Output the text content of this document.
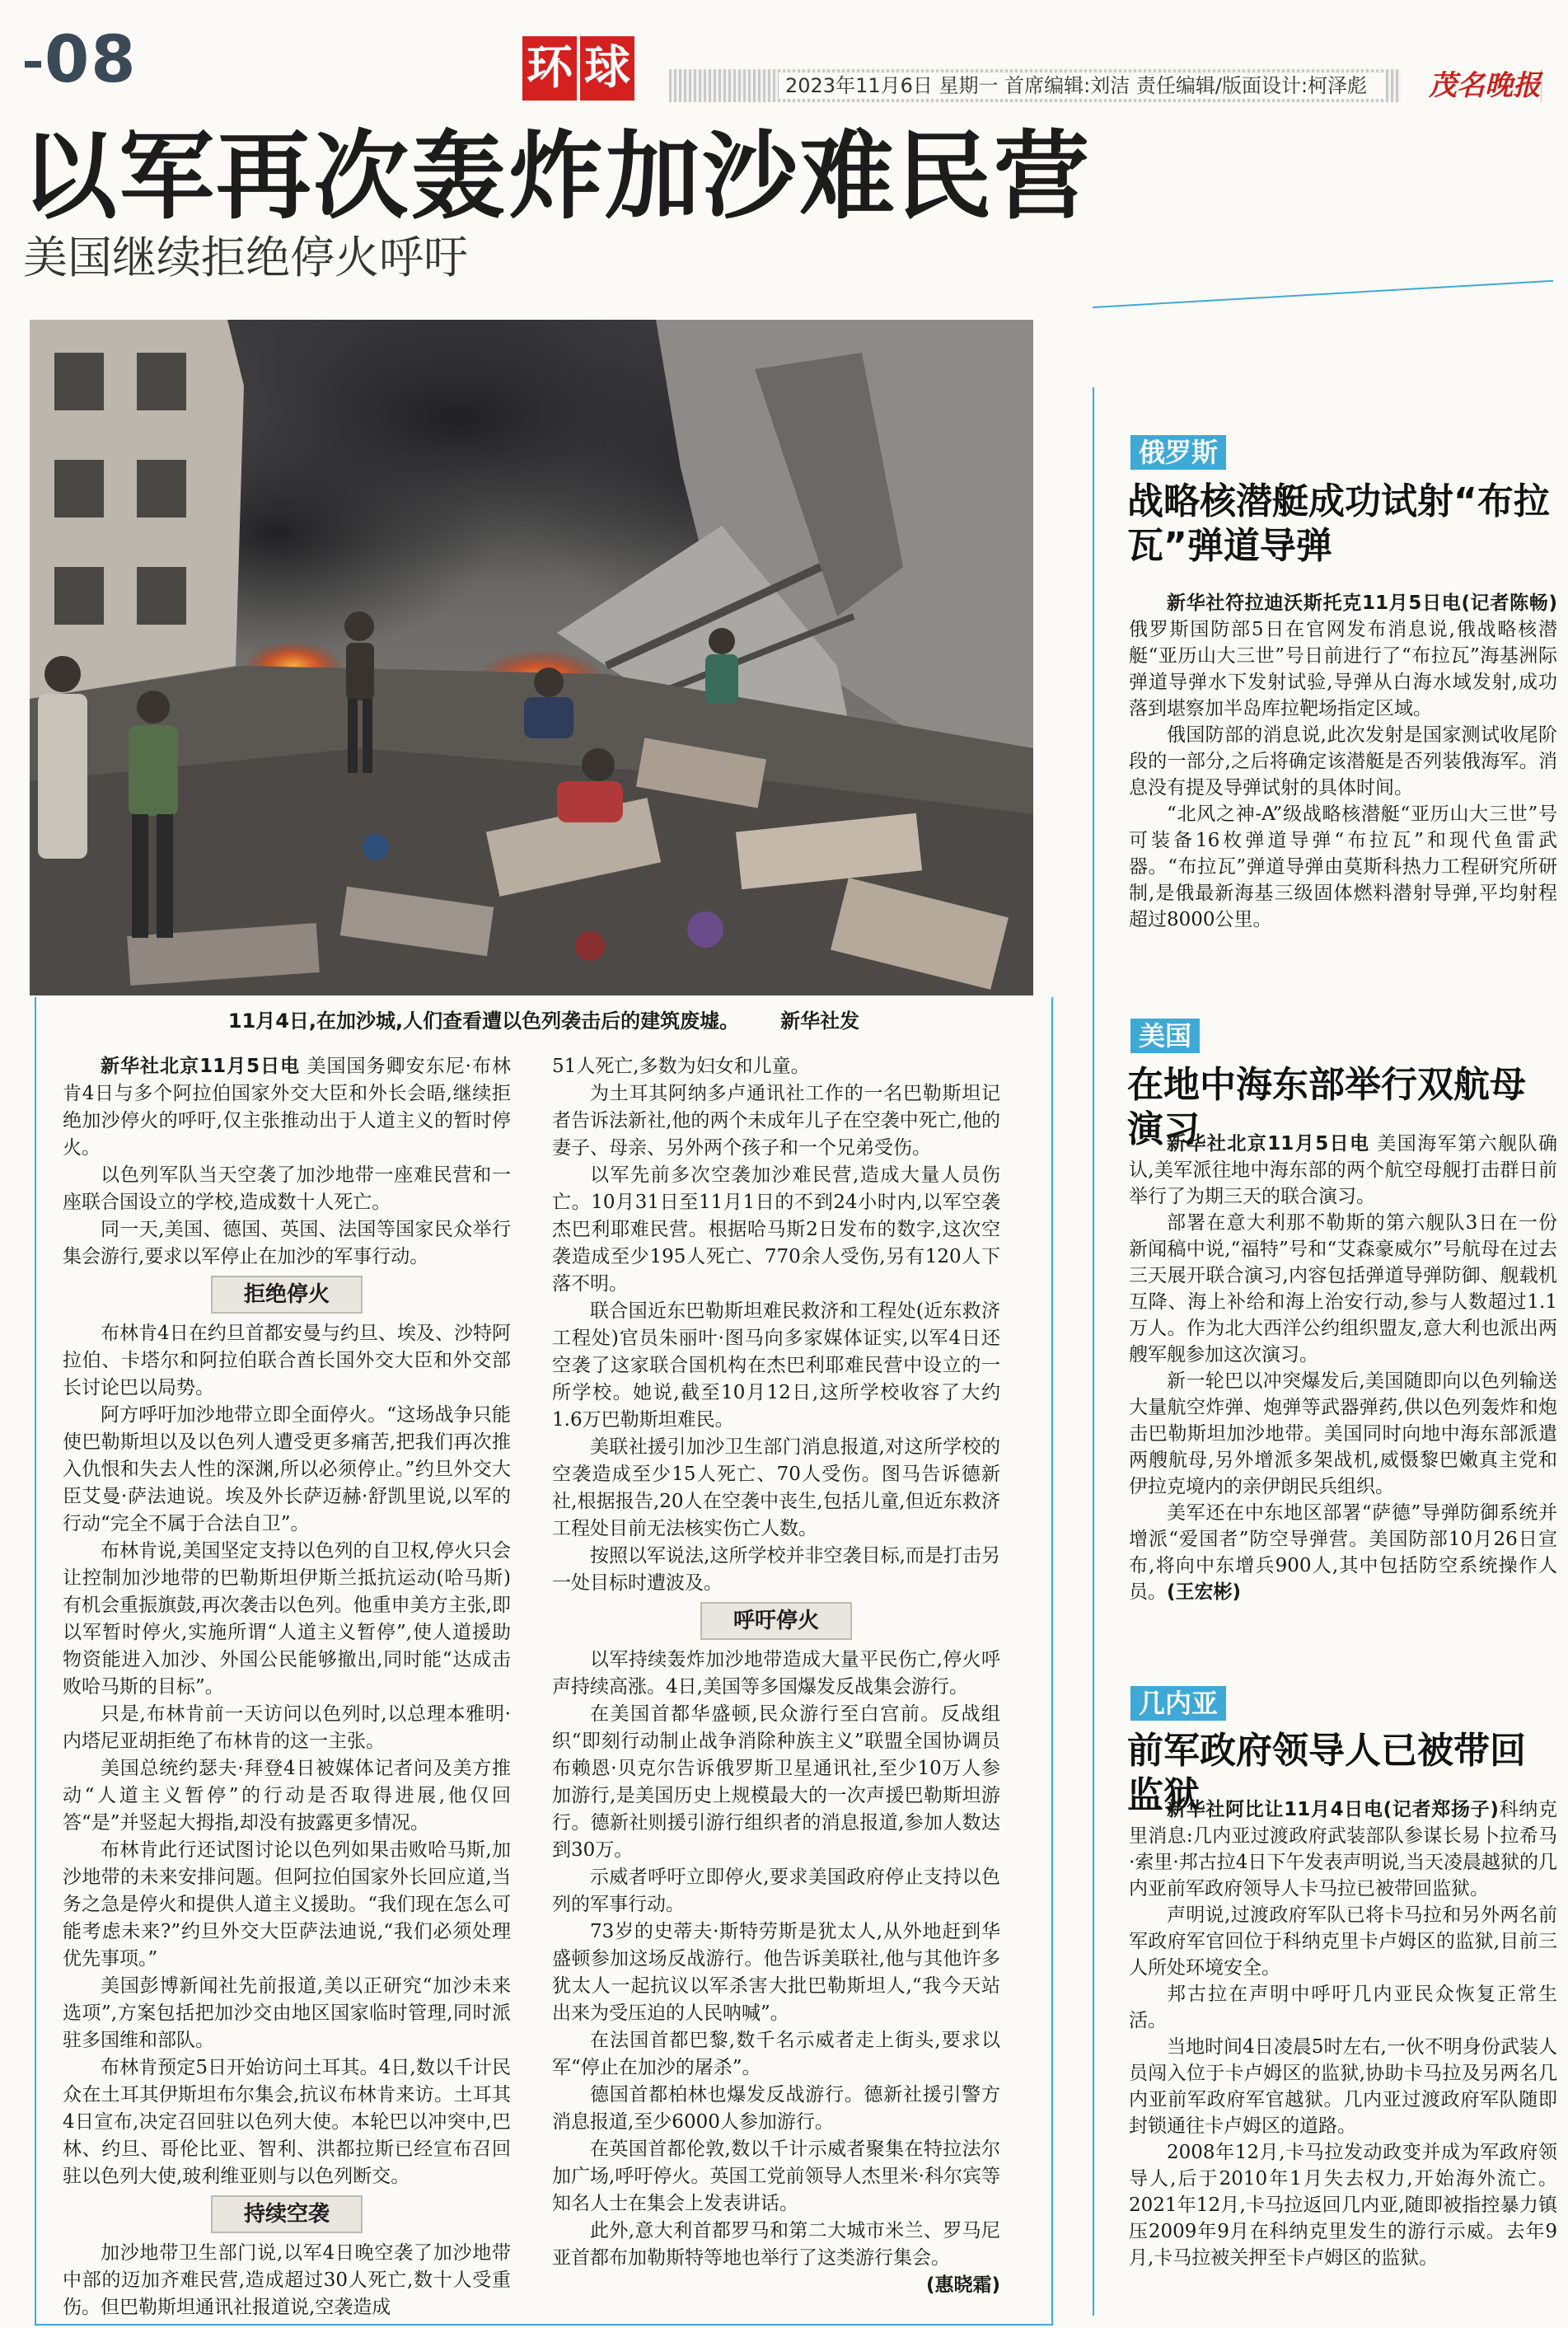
08	环 球	2023年11月6日 星期一 首席编辑:刘洁 责任编辑/版面设计:柯泽彪	茂名晚报
以军再次轰炸加沙难民营
美国继续拒绝停火呼吁
11月4日,在加沙城,人们查看遭以色列袭击后的建筑废墟。 新华社发

新华社北京11月5日电 美国国务卿安东尼·布林肯4日与多个阿拉伯国家外交大臣和外长会晤,继续拒绝加沙停火的呼吁,仅主张推动出于人道主义的暂时停火。

以色列军队当天空袭了加沙地带一座难民营和一座联合国设立的学校,造成数十人死亡。

同一天,美国、德国、英国、法国等国家民众举行集会游行,要求以军停止在加沙的军事行动。

拒绝停火

布林肯4日在约旦首都安曼与约旦、埃及、沙特阿拉伯、卡塔尔和阿拉伯联合酋长国外交大臣和外交部长讨论巴以局势。

阿方呼吁加沙地带立即全面停火。“这场战争只能使巴勒斯坦以及以色列人遭受更多痛苦,把我们再次推入仇恨和失去人性的深渊,所以必须停止。”约旦外交大臣艾曼·萨法迪说。埃及外长萨迈赫·舒凯里说,以军的行动“完全不属于合法自卫”。

布林肯说,美国坚定支持以色列的自卫权,停火只会让控制加沙地带的巴勒斯坦伊斯兰抵抗运动(哈马斯)有机会重振旗鼓,再次袭击以色列。他重申美方主张,即以军暂时停火,实施所谓“人道主义暂停”,使人道援助物资能进入加沙、外国公民能够撤出,同时能“达成击败哈马斯的目标”。

只是,布林肯前一天访问以色列时,以总理本雅明·内塔尼亚胡拒绝了布林肯的这一主张。

美国总统约瑟夫·拜登4日被媒体记者问及美方推动“人道主义暂停”的行动是否取得进展,他仅回答“是”并竖起大拇指,却没有披露更多情况。

布林肯此行还试图讨论以色列如果击败哈马斯,加沙地带的未来安排问题。但阿拉伯国家外长回应道,当务之急是停火和提供人道主义援助。“我们现在怎么可能考虑未来?”约旦外交大臣萨法迪说,“我们必须处理优先事项。”

美国彭博新闻社先前报道,美以正研究“加沙未来选项”,方案包括把加沙交由地区国家临时管理,同时派驻多国维和部队。

布林肯预定5日开始访问土耳其。4日,数以千计民众在土耳其伊斯坦布尔集会,抗议布林肯来访。土耳其4日宣布,决定召回驻以色列大使。本轮巴以冲突中,巴林、约旦、哥伦比亚、智利、洪都拉斯已经宣布召回驻以色列大使,玻利维亚则与以色列断交。

持续空袭

加沙地带卫生部门说,以军4日晚空袭了加沙地带中部的迈加齐难民营,造成超过30人死亡,数十人受重伤。但巴勒斯坦通讯社报道说,空袭造成

51人死亡,多数为妇女和儿童。

为土耳其阿纳多卢通讯社工作的一名巴勒斯坦记者告诉法新社,他的两个未成年儿子在空袭中死亡,他的妻子、母亲、另外两个孩子和一个兄弟受伤。

以军先前多次空袭加沙难民营,造成大量人员伤亡。10月31日至11月1日的不到24小时内,以军空袭杰巴利耶难民营。根据哈马斯2日发布的数字,这次空袭造成至少195人死亡、770余人受伤,另有120人下落不明。

联合国近东巴勒斯坦难民救济和工程处(近东救济工程处)官员朱丽叶·图马向多家媒体证实,以军4日还空袭了这家联合国机构在杰巴利耶难民营中设立的一所学校。她说,截至10月12日,这所学校收容了大约1.6万巴勒斯坦难民。

美联社援引加沙卫生部门消息报道,对这所学校的空袭造成至少15人死亡、70人受伤。图马告诉德新社,根据报告,20人在空袭中丧生,包括儿童,但近东救济工程处目前无法核实伤亡人数。

按照以军说法,这所学校并非空袭目标,而是打击另一处目标时遭波及。

呼吁停火

以军持续轰炸加沙地带造成大量平民伤亡,停火呼声持续高涨。4日,美国等多国爆发反战集会游行。

在美国首都华盛顿,民众游行至白宫前。反战组织“即刻行动制止战争消除种族主义”联盟全国协调员布赖恩·贝克尔告诉俄罗斯卫星通讯社,至少10万人参加游行,是美国历史上规模最大的一次声援巴勒斯坦游行。德新社则援引游行组织者的消息报道,参加人数达到30万。

示威者呼吁立即停火,要求美国政府停止支持以色列的军事行动。

73岁的史蒂夫·斯特劳斯是犹太人,从外地赶到华盛顿参加这场反战游行。他告诉美联社,他与其他许多犹太人一起抗议以军杀害大批巴勒斯坦人,“我今天站出来为受压迫的人民呐喊”。

在法国首都巴黎,数千名示威者走上街头,要求以军“停止在加沙的屠杀”。

德国首都柏林也爆发反战游行。德新社援引警方消息报道,至少6000人参加游行。

在英国首都伦敦,数以千计示威者聚集在特拉法尔加广场,呼吁停火。英国工党前领导人杰里米·科尔宾等知名人士在集会上发表讲话。

此外,意大利首都罗马和第二大城市米兰、罗马尼亚首都布加勒斯特等地也举行了这类游行集会。
(惠晓霜)

俄罗斯
战略核潜艇成功试射“布拉瓦”弹道导弹

新华社符拉迪沃斯托克11月5日电(记者陈畅)俄罗斯国防部5日在官网发布消息说,俄战略核潜艇“亚历山大三世”号日前进行了“布拉瓦”海基洲际弹道导弹水下发射试验,导弹从白海水域发射,成功落到堪察加半岛库拉靶场指定区域。

俄国防部的消息说,此次发射是国家测试收尾阶段的一部分,之后将确定该潜艇是否列装俄海军。消息没有提及导弹试射的具体时间。

“北风之神-A”级战略核潜艇“亚历山大三世”号可装备16枚弹道导弹“布拉瓦”和现代鱼雷武器。“布拉瓦”弹道导弹由莫斯科热力工程研究所研制,是俄最新海基三级固体燃料潜射导弹,平均射程超过8000公里。

美国
在地中海东部举行双航母演习

新华社北京11月5日电 美国海军第六舰队确认,美军派往地中海东部的两个航空母舰打击群日前举行了为期三天的联合演习。

部署在意大利那不勒斯的第六舰队3日在一份新闻稿中说,“福特”号和“艾森豪威尔”号航母在过去三天展开联合演习,内容包括弹道导弹防御、舰载机互降、海上补给和海上治安行动,参与人数超过1.1万人。作为北大西洋公约组织盟友,意大利也派出两艘军舰参加这次演习。

新一轮巴以冲突爆发后,美国随即向以色列输送大量航空炸弹、炮弹等武器弹药,供以色列轰炸和炮击巴勒斯坦加沙地带。美国同时向地中海东部派遣两艘航母,另外增派多架战机,威慑黎巴嫩真主党和伊拉克境内的亲伊朗民兵组织。

美军还在中东地区部署“萨德”导弹防御系统并增派“爱国者”防空导弹营。美国防部10月26日宣布,将向中东增兵900人,其中包括防空系统操作人员。(王宏彬)

几内亚
前军政府领导人已被带回监狱

新华社阿比让11月4日电(记者郑扬子)科纳克里消息:几内亚过渡政府武装部队参谋长易卜拉希马·索里·邦古拉4日下午发表声明说,当天凌晨越狱的几内亚前军政府领导人卡马拉已被带回监狱。

声明说,过渡政府军队已将卡马拉和另外两名前军政府军官回位于科纳克里卡卢姆区的监狱,目前三人所处环境安全。

邦古拉在声明中呼吁几内亚民众恢复正常生活。

当地时间4日凌晨5时左右,一伙不明身份武装人员闯入位于卡卢姆区的监狱,协助卡马拉及另两名几内亚前军政府军官越狱。几内亚过渡政府军队随即封锁通往卡卢姆区的道路。

2008年12月,卡马拉发动政变并成为军政府领导人,后于2010年1月失去权力,开始海外流亡。2021年12月,卡马拉返回几内亚,随即被指控暴力镇压2009年9月在科纳克里发生的游行示威。去年9月,卡马拉被关押至卡卢姆区的监狱。
